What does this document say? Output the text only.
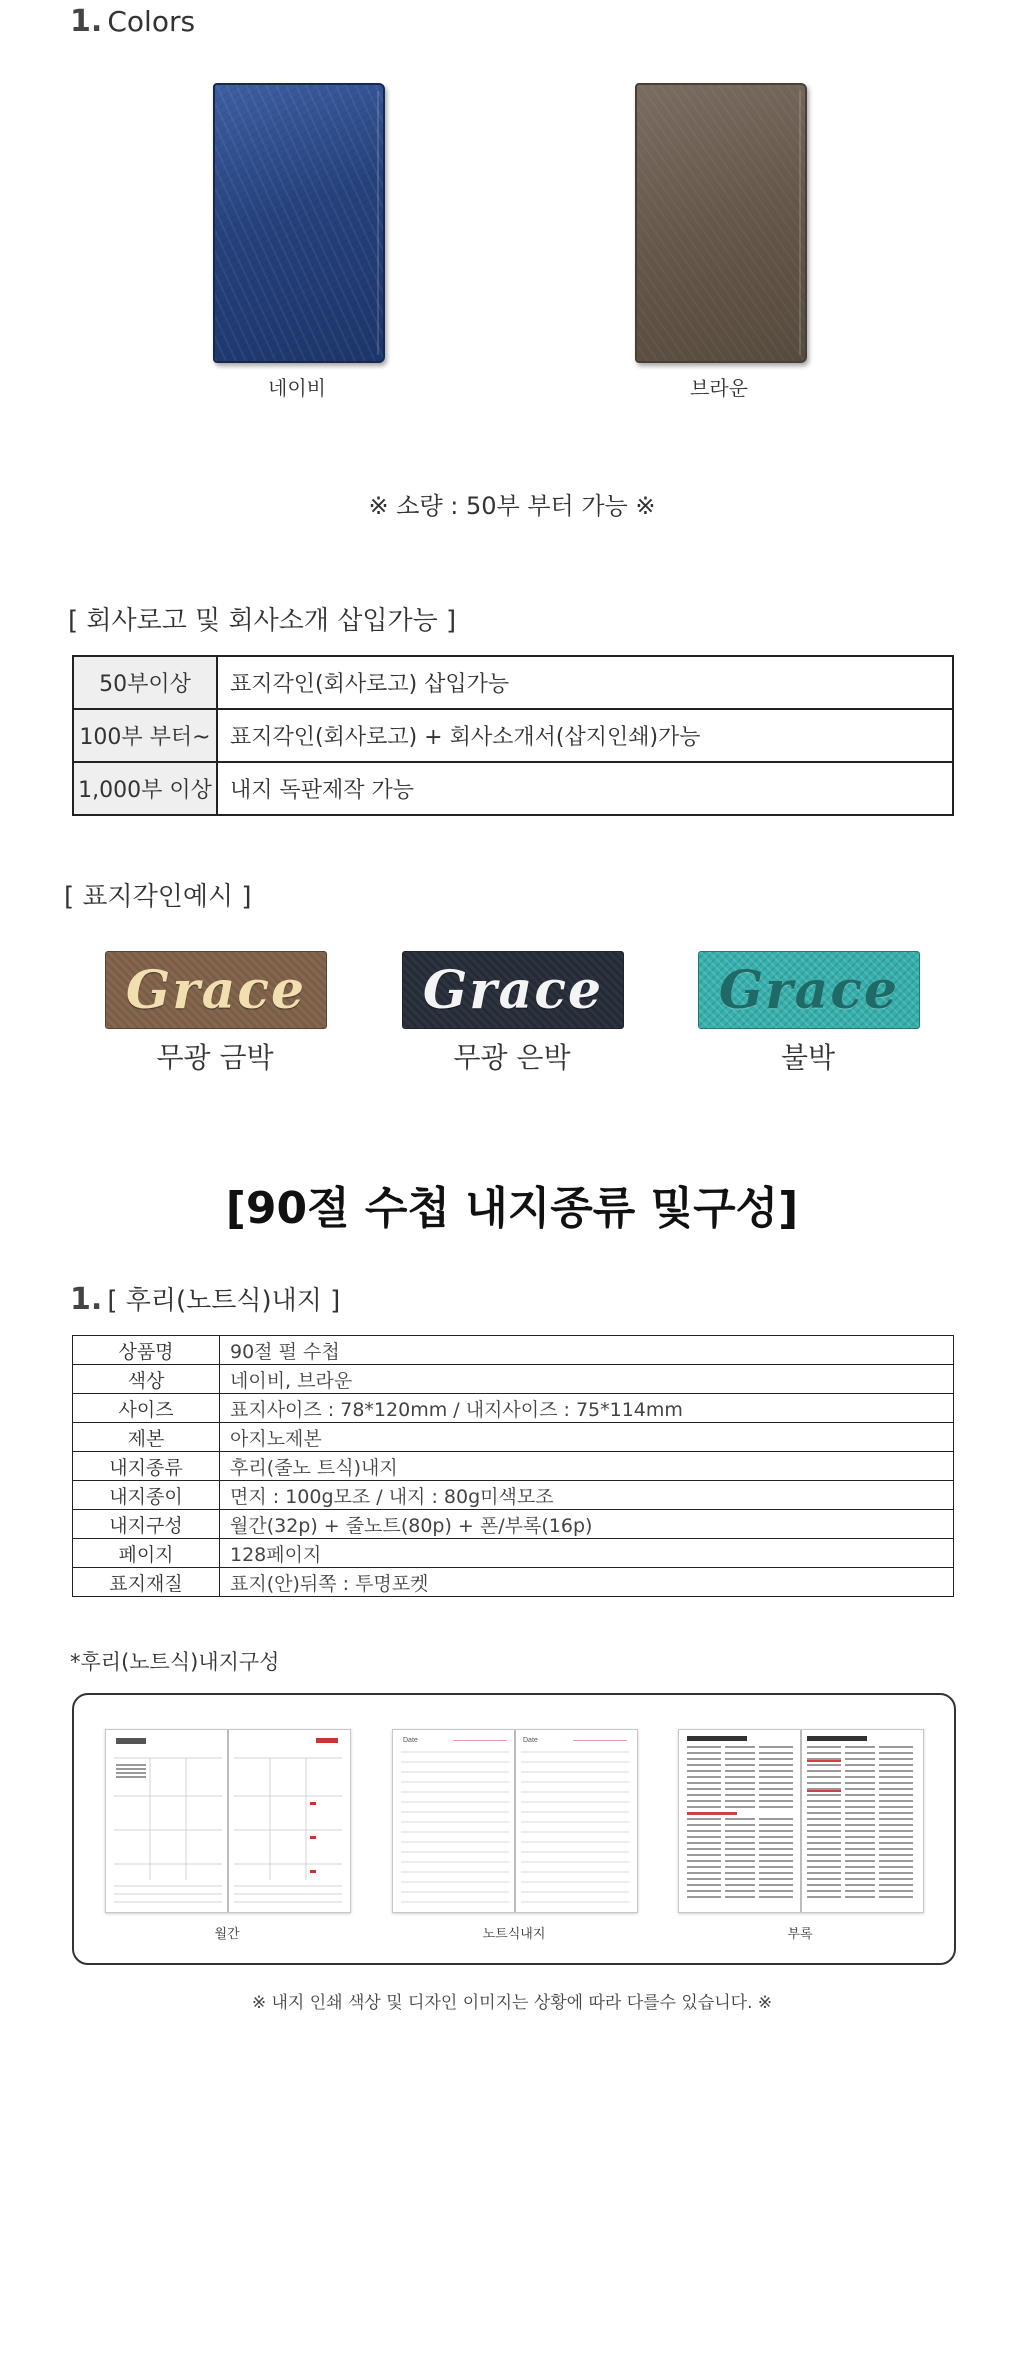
1. Colors
네이비	브라운
※ 소량 : 50부 부터 가능 ※
[ 회사로고 및 회사소개 삽입가능 ]
50부이상	표지각인(회사로고) 삽입가능
100부 부터~	표지각인(회사로고) + 회사소개서(삽지인쇄)가능
1,000부 이상	내지 독판제작 가능
[ 표지각인예시 ]
Grace	Grace	Grace
무광 금박	무광 은박	불박
[90절 수첩 내지종류 및구성]
1. [ 후리(노트식)내지 ]
상품명	90절 펄 수첩
색상	네이비, 브라운
사이즈	표지사이즈 : 78*120mm / 내지사이즈 : 75*114mm
제본	아지노제본
내지종류	후리(줄노 트식)내지
내지종이	면지 : 100g모조 / 내지 : 80g미색모조
내지구성	월간(32p) + 줄노트(80p) + 폰/부록(16p)
페이지	128페이지
표지재질	표지(안)뒤쪽 : 투명포켓
*후리(노트식)내지구성
월간
Date	Date
노트식내지	부록
※ 내지 인쇄 색상 및 디자인 이미지는 상황에 따라 다를수 있습니다. ※
